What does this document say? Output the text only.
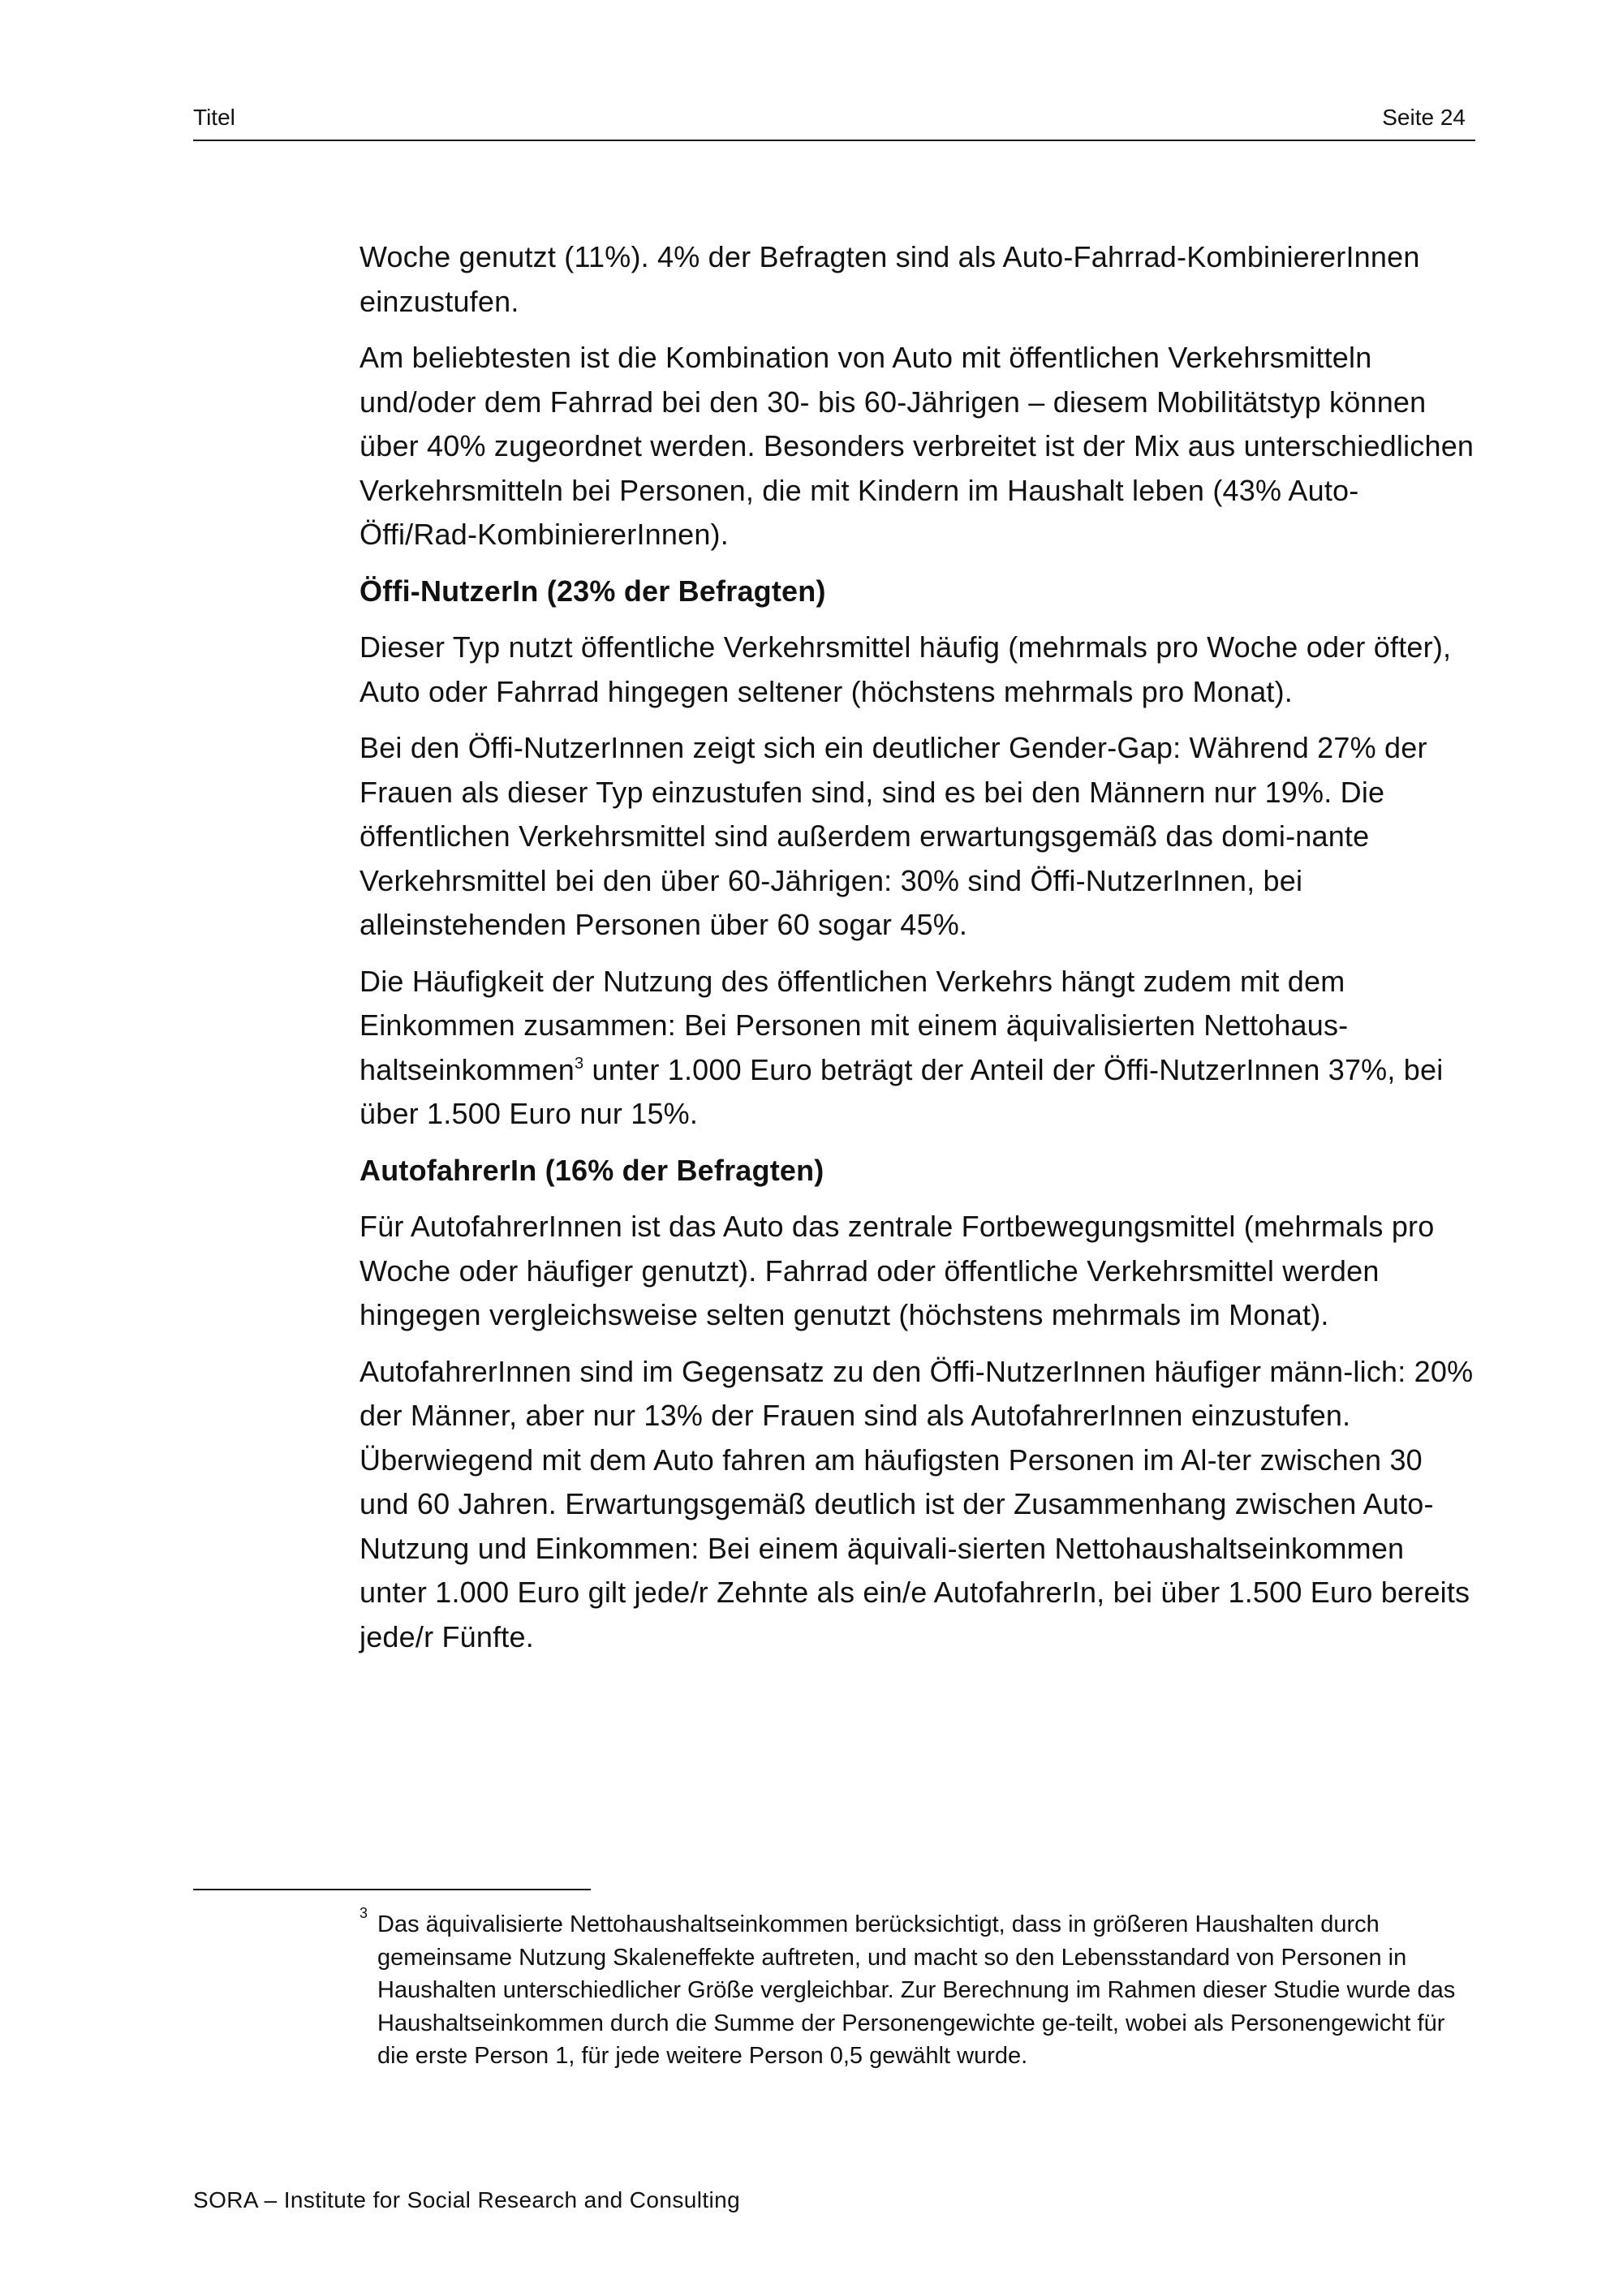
Titel	Seite 24

Woche genutzt (11%). 4% der Befragten sind als Auto-Fahrrad-KombiniererInnen einzustufen.

Am beliebtesten ist die Kombination von Auto mit öffentlichen Verkehrsmitteln und/oder dem Fahrrad bei den 30- bis 60-Jährigen – diesem Mobilitätstyp können über 40% zugeordnet werden. Besonders verbreitet ist der Mix aus unterschiedlichen Verkehrsmitteln bei Personen, die mit Kindern im Haushalt leben (43% Auto-Öffi/Rad-KombiniererInnen).

Öffi-NutzerIn (23% der Befragten)

Dieser Typ nutzt öffentliche Verkehrsmittel häufig (mehrmals pro Woche oder öfter), Auto oder Fahrrad hingegen seltener (höchstens mehrmals pro Monat).

Bei den Öffi-NutzerInnen zeigt sich ein deutlicher Gender-Gap: Während 27% der Frauen als dieser Typ einzustufen sind, sind es bei den Männern nur 19%. Die öffentlichen Verkehrsmittel sind außerdem erwartungsgemäß das domi-nante Verkehrsmittel bei den über 60-Jährigen: 30% sind Öffi-NutzerInnen, bei alleinstehenden Personen über 60 sogar 45%.

Die Häufigkeit der Nutzung des öffentlichen Verkehrs hängt zudem mit dem Einkommen zusammen: Bei Personen mit einem äquivalisierten Nettohaus-haltseinkommen$^3$ unter 1.000 Euro beträgt der Anteil der Öffi-NutzerInnen 37%, bei über 1.500 Euro nur 15%.

AutofahrerIn (16% der Befragten)

Für AutofahrerInnen ist das Auto das zentrale Fortbewegungsmittel (mehrmals pro Woche oder häufiger genutzt). Fahrrad oder öffentliche Verkehrsmittel werden hingegen vergleichsweise selten genutzt (höchstens mehrmals im Monat).

AutofahrerInnen sind im Gegensatz zu den Öffi-NutzerInnen häufiger männ-lich: 20% der Männer, aber nur 13% der Frauen sind als AutofahrerInnen einzustufen. Überwiegend mit dem Auto fahren am häufigsten Personen im Al-ter zwischen 30 und 60 Jahren. Erwartungsgemäß deutlich ist der Zusammenhang zwischen Auto-Nutzung und Einkommen: Bei einem äquivali-sierten Nettohaushaltseinkommen unter 1.000 Euro gilt jede/r Zehnte als ein/e AutofahrerIn, bei über 1.500 Euro bereits jede/r Fünfte.

3 Das äquivalisierte Nettohaushaltseinkommen berücksichtigt, dass in größeren Haushalten durch gemeinsame Nutzung Skaleneffekte auftreten, und macht so den Lebensstandard von Personen in Haushalten unterschiedlicher Größe vergleichbar. Zur Berechnung im Rahmen dieser Studie wurde das Haushaltseinkommen durch die Summe der Personengewichte ge-teilt, wobei als Personengewicht für die erste Person 1, für jede weitere Person 0,5 gewählt wurde.
SORA – Institute for Social Research and Consulting
